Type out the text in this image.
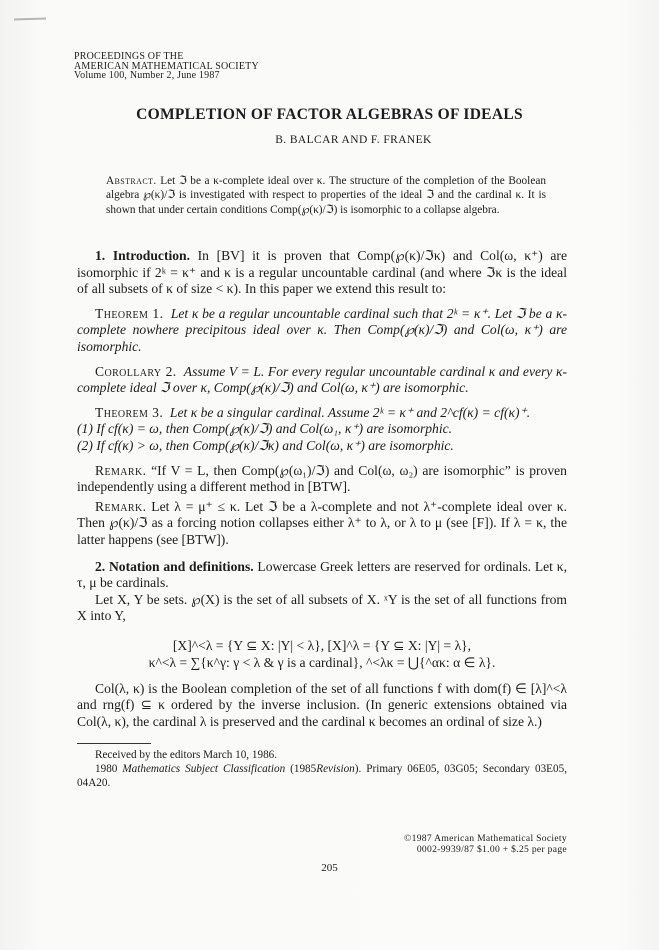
PROCEEDINGS OF THE
AMERICAN MATHEMATICAL SOCIETY
Volume 100, Number 2, June 1987
COMPLETION OF FACTOR ALGEBRAS OF IDEALS
B. BALCAR AND F. FRANEK
Abstract. Let ℑ be a κ-complete ideal over κ. The structure of the completion of the Boolean algebra ℘(κ)/ℑ is investigated with respect to properties of the ideal ℑ and the cardinal κ. It is shown that under certain conditions Comp(℘(κ)/ℑ) is isomorphic to a collapse algebra.

1. Introduction. In [BV] it is proven that Comp(℘(κ)/ℑκ) and Col(ω, κ⁺) are isomorphic if 2ᵏ = κ⁺ and κ is a regular uncountable cardinal (and where ℑκ is the ideal of all subsets of κ of size < κ). In this paper we extend this result to:

Theorem 1. Let κ be a regular uncountable cardinal such that 2ᵏ = κ⁺. Let ℑ be a κ-complete nowhere precipitous ideal over κ. Then Comp(℘(κ)/ℑ) and Col(ω, κ⁺) are isomorphic.

Corollary 2. Assume V = L. For every regular uncountable cardinal κ and every κ-complete ideal ℑ over κ, Comp(℘(κ)/ℑ) and Col(ω, κ⁺) are isomorphic.

Theorem 3. Let κ be a singular cardinal. Assume 2ᵏ = κ⁺ and 2^cf(κ) = cf(κ)⁺.

(1) If cf(κ) = ω, then Comp(℘(κ)/ℑ) and Col(ω₁, κ⁺) are isomorphic.

(2) If cf(κ) > ω, then Comp(℘(κ)/ℑκ) and Col(ω, κ⁺) are isomorphic.

Remark. “If V = L, then Comp(℘(ω₁)/ℑ) and Col(ω, ω₂) are isomorphic” is proven independently using a different method in [BTW].

Remark. Let λ = μ⁺ ≤ κ. Let ℑ be a λ-complete and not λ⁺-complete ideal over κ. Then ℘(κ)/ℑ as a forcing notion collapses either λ⁺ to λ, or λ to μ (see [F]). If λ = κ, the latter happens (see [BTW]).

2. Notation and definitions. Lowercase Greek letters are reserved for ordinals. Let κ, τ, μ be cardinals.

Let X, Y be sets. ℘(X) is the set of all subsets of X. ˣY is the set of all functions from X into Y,

[X]^<λ = {Y ⊆ X: |Y| < λ}, [X]^λ = {Y ⊆ X: |Y| = λ},
κ^<λ = ∑{κ^γ: γ < λ & γ is a cardinal}, ^<λκ = ⋃{^ακ: α ∈ λ}.

Col(λ, κ) is the Boolean completion of the set of all functions f with dom(f) ∈ [λ]^<λ and rng(f) ⊆ κ ordered by the inverse inclusion. (In generic extensions obtained via Col(λ, κ), the cardinal λ is preserved and the cardinal κ becomes an ordinal of size λ.)

Received by the editors March 10, 1986.

1980 Mathematics Subject Classification (1985Revision). Primary 06E05, 03G05; Secondary 03E05, 04A20.

©1987 American Mathematical Society
0002-9939/87 $1.00 + $.25 per page
205
